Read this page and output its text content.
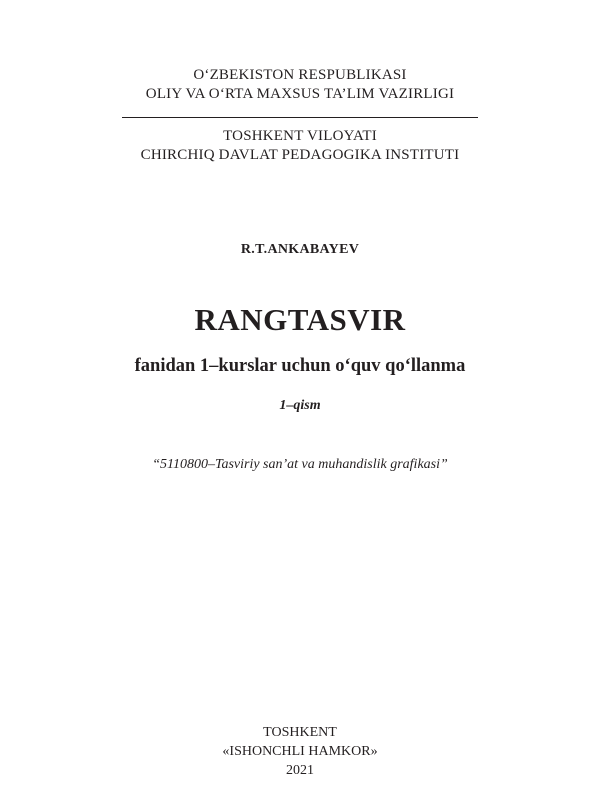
O‘ZBEKISTON RESPUBLIKASI
OLIY VA O‘RTA MAXSUS TA’LIM VAZIRLIGI
TOSHKENT VILOYATI
CHIRCHIQ DAVLAT PEDAGOGIKA INSTITUTI
R.T.ANKABAYEV
RANGTASVIR
fanidan 1–kurslar uchun o‘quv qo‘llanma
1–qism
“5110800–Tasviriy san’at va muhandislik grafikasi”
TOSHKENT
«ISHONCHLI HAMKOR»
2021
